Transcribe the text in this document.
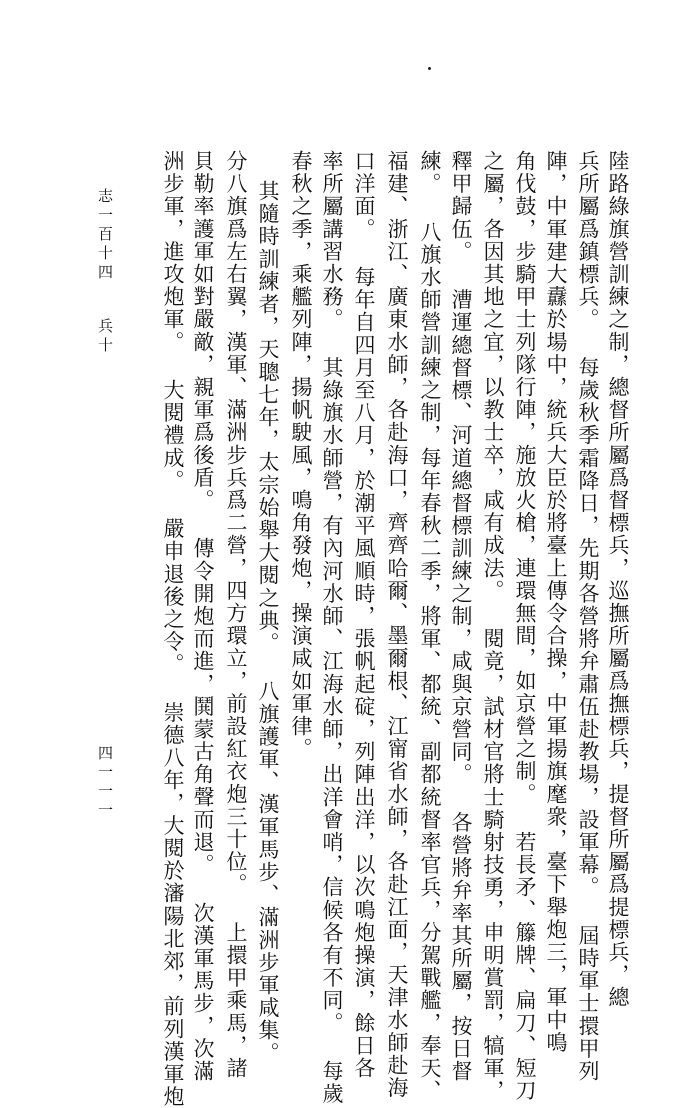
陸路綠旗營訓練之制，總督所屬爲督標兵，巡撫所屬爲撫標兵，提督所屬爲提標兵，總
兵所屬爲鎮標兵。 每歲秋季霜降日，先期各營將弁肅伍赴教場，設軍幕。 屆時軍士擐甲列
陣，中軍建大纛於場中，統兵大臣於將臺上傳令合操，中軍揚旗麾衆，臺下舉炮三，軍中鳴
角伐鼓，步騎甲士列隊行陣，施放火槍，連環無間，如京營之制。 若長矛、籐牌、扁刀、短刀
之屬，各因其地之宜，以教士卒，咸有成法。 閱竟，試材官將士騎射技勇，申明賞罰，犒軍，
釋甲歸伍。 漕運總督標、河道總督標訓練之制，咸與京營同。 各營將弁率其所屬，按日督
練。 八旗水師營訓練之制，每年春秋二季，將軍、都統、副都統督率官兵，分駕戰艦，奉天、
福建、浙江、廣東水師，各赴海口，齊齊哈爾、墨爾根、江甯省水師，各赴江面，天津水師赴海
口洋面。 每年自四月至八月，於潮平風順時，張帆起碇，列陣出洋，以次鳴炮操演，餘日各
率所屬講習水務。 其綠旗水師營，有內河水師、江海水師，出洋會哨，信候各有不同。 每歲
春秋之季，乘艦列陣，揚帆駛風，鳴角發炮，操演咸如軍律。
其隨時訓練者，天聰七年，太宗始舉大閱之典。 八旗護軍、漢軍馬步、滿洲步軍咸集。
分八旗爲左右翼，漢軍、滿洲步兵爲二營，四方環立，前設紅衣炮三十位。 上擐甲乘馬，諸
貝勒率護軍如對嚴敵，親軍爲後盾。 傳令開炮而進，鬨蒙古角聲而退。 次漢軍馬步，次滿
洲步軍，進攻炮軍。 大閱禮成。 嚴申退後之令。 崇德八年，大閱於瀋陽北郊，前列漢軍炮
志一百十四
兵十
四一一一
